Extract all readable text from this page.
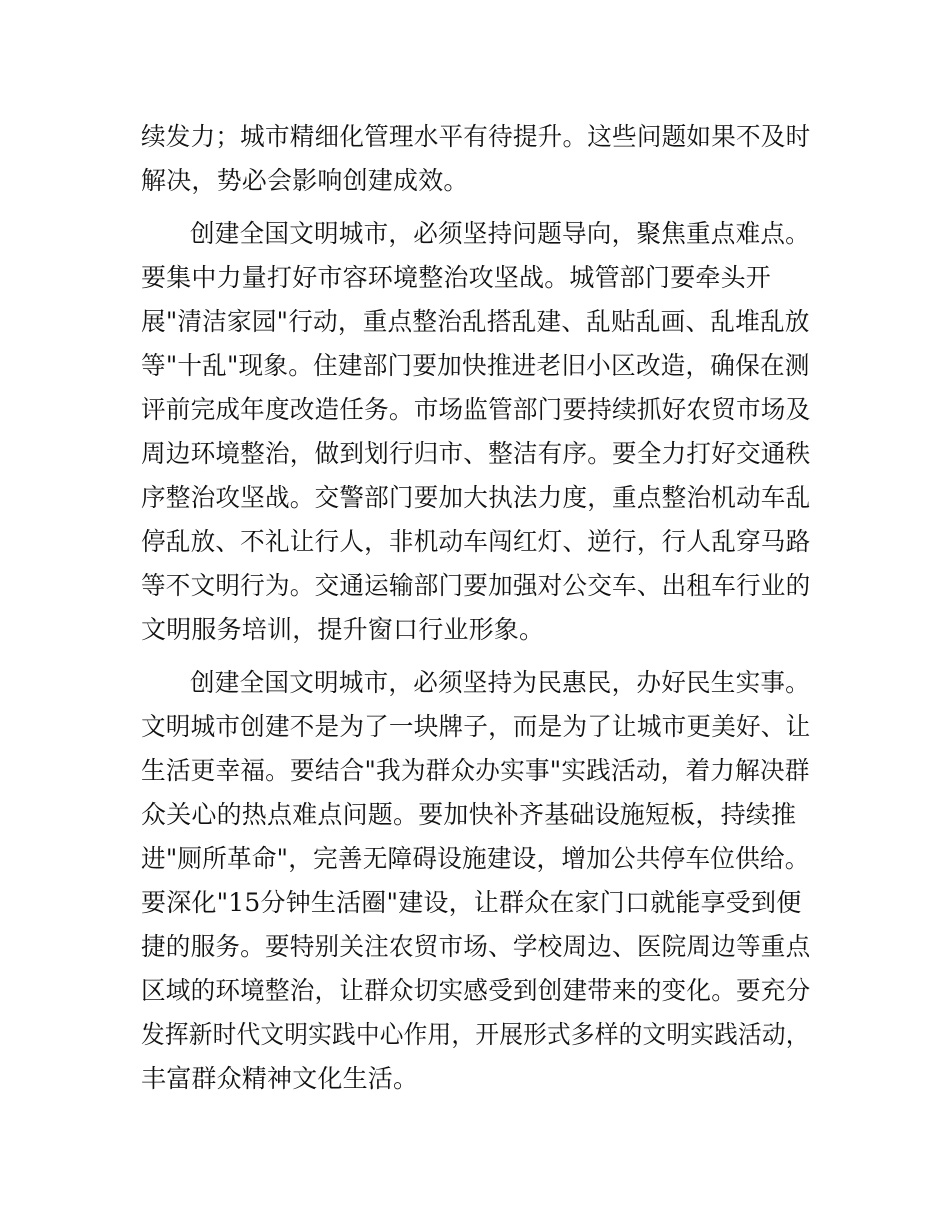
续发力；城市精细化管理水平有待提升。这些问题如果不及时
解决，势必会影响创建成效。
创建全国文明城市，必须坚持问题导向，聚焦重点难点。
要集中力量打好市容环境整治攻坚战。城管部门要牵头开
展"清洁家园"行动，重点整治乱搭乱建、乱贴乱画、乱堆乱放
等"十乱"现象。住建部门要加快推进老旧小区改造，确保在测
评前完成年度改造任务。市场监管部门要持续抓好农贸市场及
周边环境整治，做到划行归市、整洁有序。要全力打好交通秩
序整治攻坚战。交警部门要加大执法力度，重点整治机动车乱
停乱放、不礼让行人，非机动车闯红灯、逆行，行人乱穿马路
等不文明行为。交通运输部门要加强对公交车、出租车行业的
文明服务培训，提升窗口行业形象。
创建全国文明城市，必须坚持为民惠民，办好民生实事。
文明城市创建不是为了一块牌子，而是为了让城市更美好、让
生活更幸福。要结合"我为群众办实事"实践活动，着力解决群
众关心的热点难点问题。要加快补齐基础设施短板，持续推
进"厕所革命"，完善无障碍设施建设，增加公共停车位供给。
要深化"15分钟生活圈"建设，让群众在家门口就能享受到便
捷的服务。要特别关注农贸市场、学校周边、医院周边等重点
区域的环境整治，让群众切实感受到创建带来的变化。要充分
发挥新时代文明实践中心作用，开展形式多样的文明实践活动，
丰富群众精神文化生活。
